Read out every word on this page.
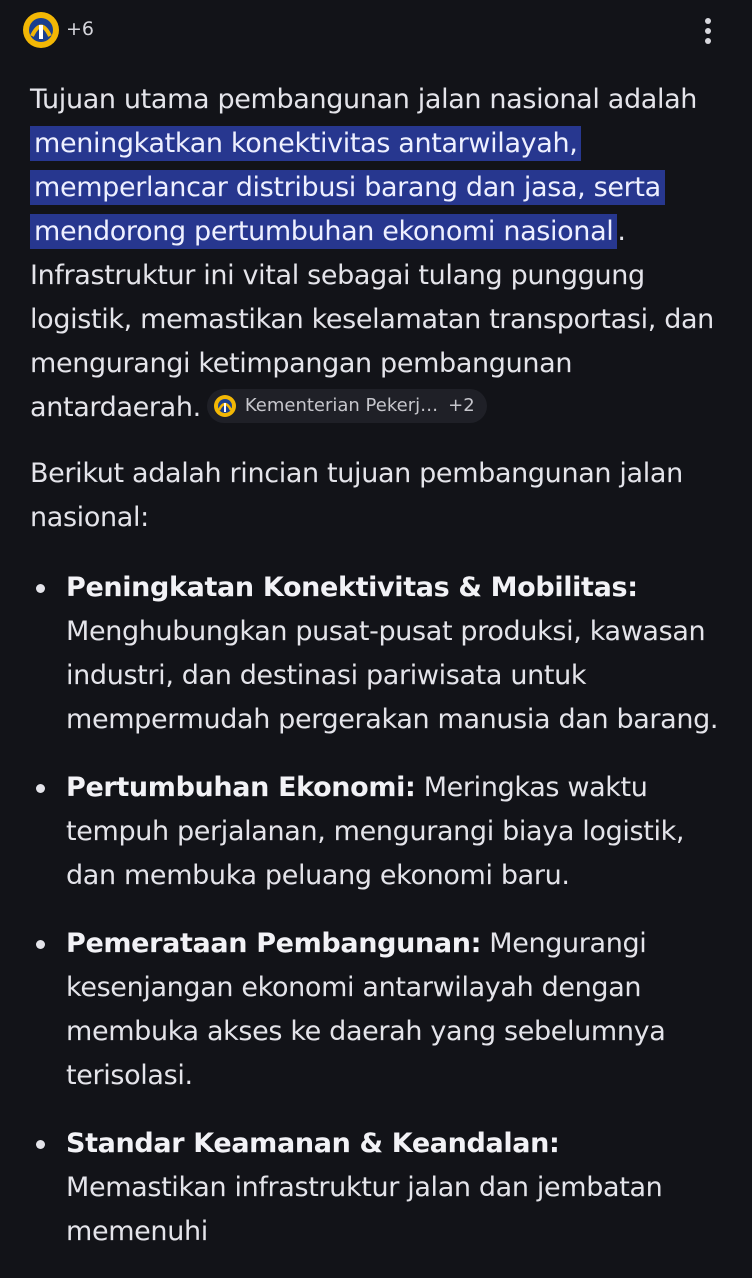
+6

Tujuan utama pembangunan jalan nasional adalah meningkatkan konektivitas antarwilayah, memperlancar distribusi barang dan jasa, serta mendorong pertumbuhan ekonomi nasional . Infrastruktur ini vital sebagai tulang punggung logistik, memastikan keselamatan transportasi, dan mengurangi ketimpangan pembangunan antardaerah. Kementerian Pekerj… +2

Berikut adalah rincian tujuan pembangunan jalan nasional:

Peningkatan Konektivitas & Mobilitas: Menghubungkan pusat-pusat produksi, kawasan industri, dan destinasi pariwisata untuk mempermudah pergerakan manusia dan barang.
Pertumbuhan Ekonomi: Meringkas waktu tempuh perjalanan, mengurangi biaya logistik, dan membuka peluang ekonomi baru.
Pemerataan Pembangunan: Mengurangi kesenjangan ekonomi antarwilayah dengan membuka akses ke daerah yang sebelumnya terisolasi.
Standar Keamanan & Keandalan: Memastikan infrastruktur jalan dan jembatan memenuhi
